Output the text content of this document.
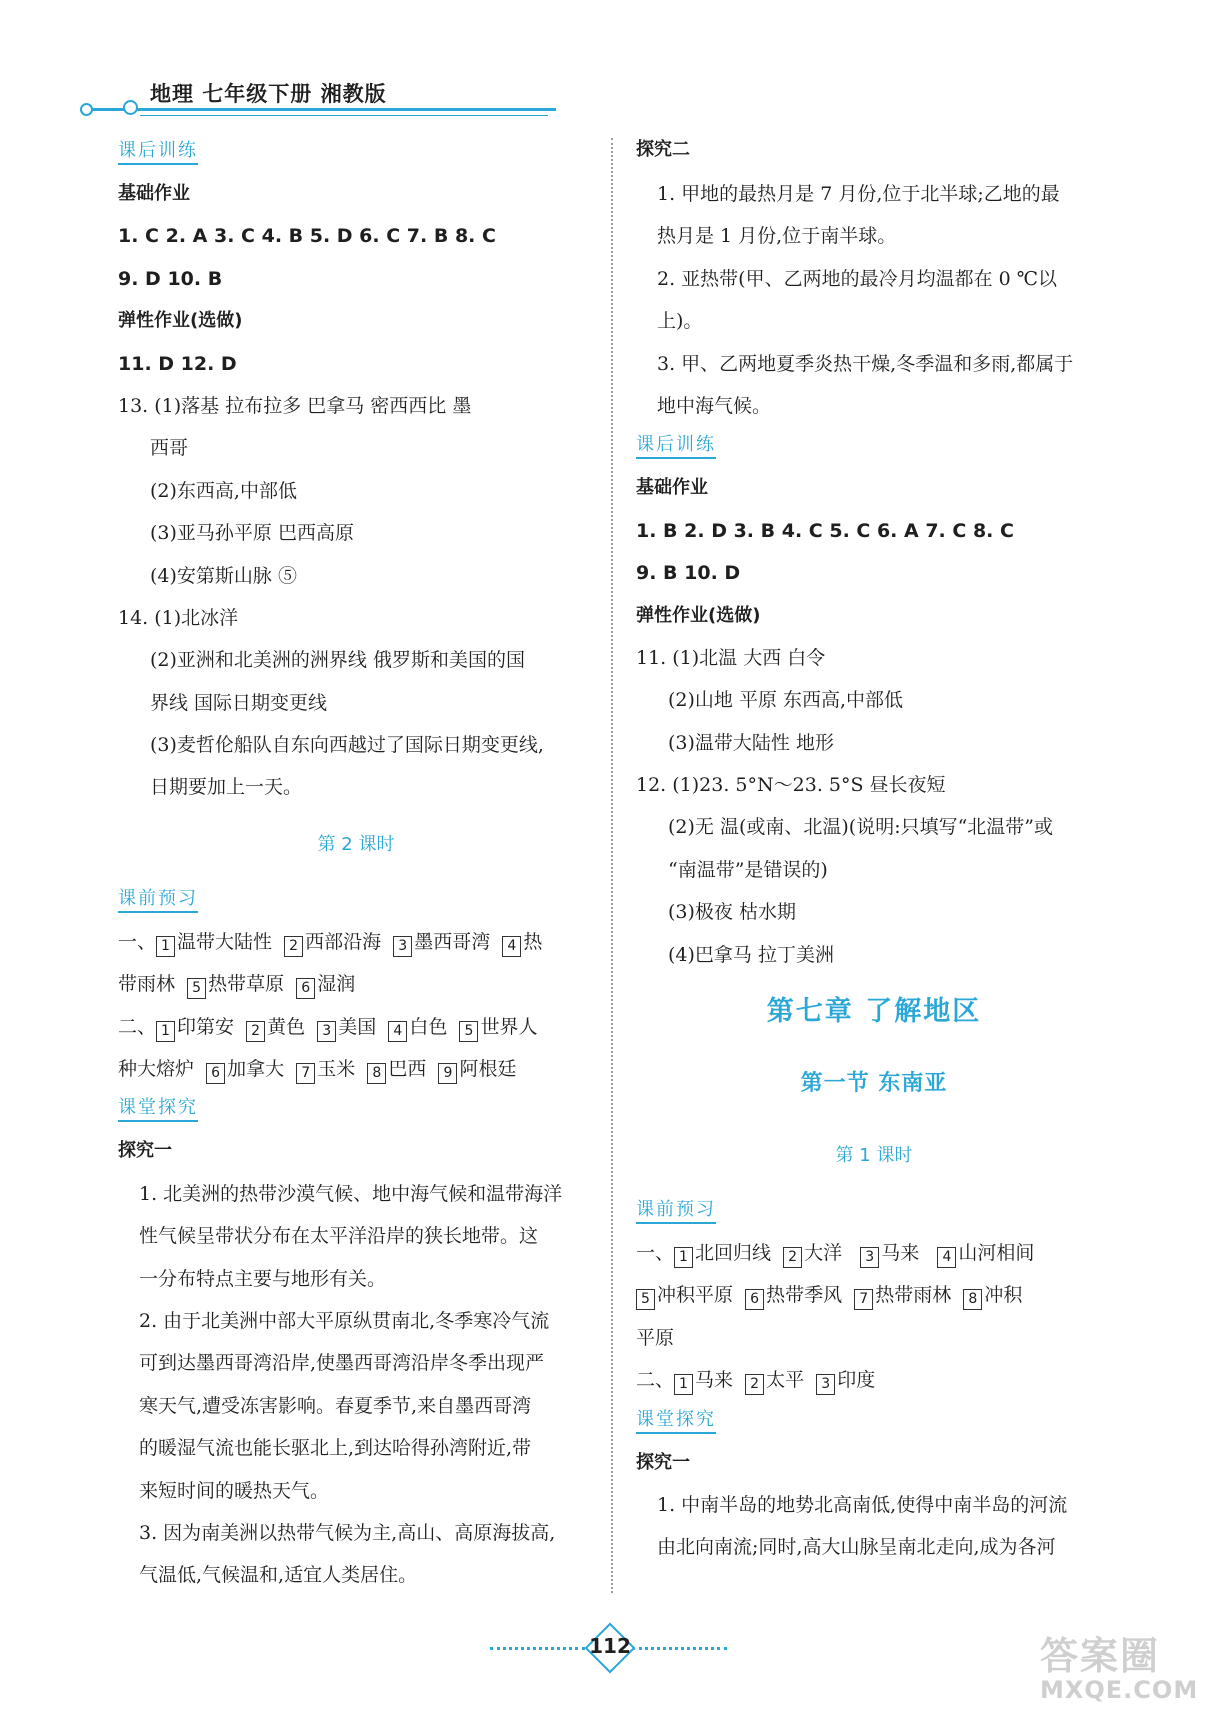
地理 七年级下册 湘教版
课后训练
基础作业
1. C 2. A 3. C 4. B 5. D 6. C 7. B 8. C
9. D 10. B
弹性作业(选做)
11. D 12. D
13. (1)落基 拉布拉多 巴拿马 密西西比 墨
西哥
(2)东西高,中部低
(3)亚马孙平原 巴西高原
(4)安第斯山脉 ⑤
14. (1)北冰洋
(2)亚洲和北美洲的洲界线 俄罗斯和美国的国
界线 国际日期变更线
(3)麦哲伦船队自东向西越过了国际日期变更线,
日期要加上一天。
第 2 课时
课前预习
一、 1 温带大陆性 2 西部沿海 3 墨西哥湾 4 热
带雨林 5 热带草原 6 湿润
二、 1 印第安 2 黄色 3 美国 4 白色 5 世界人
种大熔炉 6 加拿大 7 玉米 8 巴西 9 阿根廷
课堂探究
探究一
1. 北美洲的热带沙漠气候、地中海气候和温带海洋
性气候呈带状分布在太平洋沿岸的狭长地带。这
一分布特点主要与地形有关。
2. 由于北美洲中部大平原纵贯南北,冬季寒冷气流
可到达墨西哥湾沿岸,使墨西哥湾沿岸冬季出现严
寒天气,遭受冻害影响。春夏季节,来自墨西哥湾
的暖湿气流也能长驱北上,到达哈得孙湾附近,带
来短时间的暖热天气。
3. 因为南美洲以热带气候为主,高山、高原海拔高,
气温低,气候温和,适宜人类居住。
探究二
1. 甲地的最热月是 7 月份,位于北半球;乙地的最
热月是 1 月份,位于南半球。
2. 亚热带(甲、乙两地的最冷月均温都在 0 ℃以
上)。
3. 甲、乙两地夏季炎热干燥,冬季温和多雨,都属于
地中海气候。
课后训练
基础作业
1. B 2. D 3. B 4. C 5. C 6. A 7. C 8. C
9. B 10. D
弹性作业(选做)
11. (1)北温 大西 白令
(2)山地 平原 东西高,中部低
(3)温带大陆性 地形
12. (1)23. 5°N～23. 5°S 昼长夜短
(2)无 温(或南、北温)(说明:只填写“北温带”或
“南温带”是错误的)
(3)极夜 枯水期
(4)巴拿马 拉丁美洲
第七章 了解地区
第一节 东南亚
第 1 课时
课前预习
一、 1 北回归线 2 大洋 3 马来 4 山河相间
5 冲积平原 6 热带季风 7 热带雨林 8 冲积
平原
二、 1 马来 2 太平 3 印度
课堂探究
探究一
1. 中南半岛的地势北高南低,使得中南半岛的河流
由北向南流;同时,高大山脉呈南北走向,成为各河
112	答案圈
MXQE.COM
